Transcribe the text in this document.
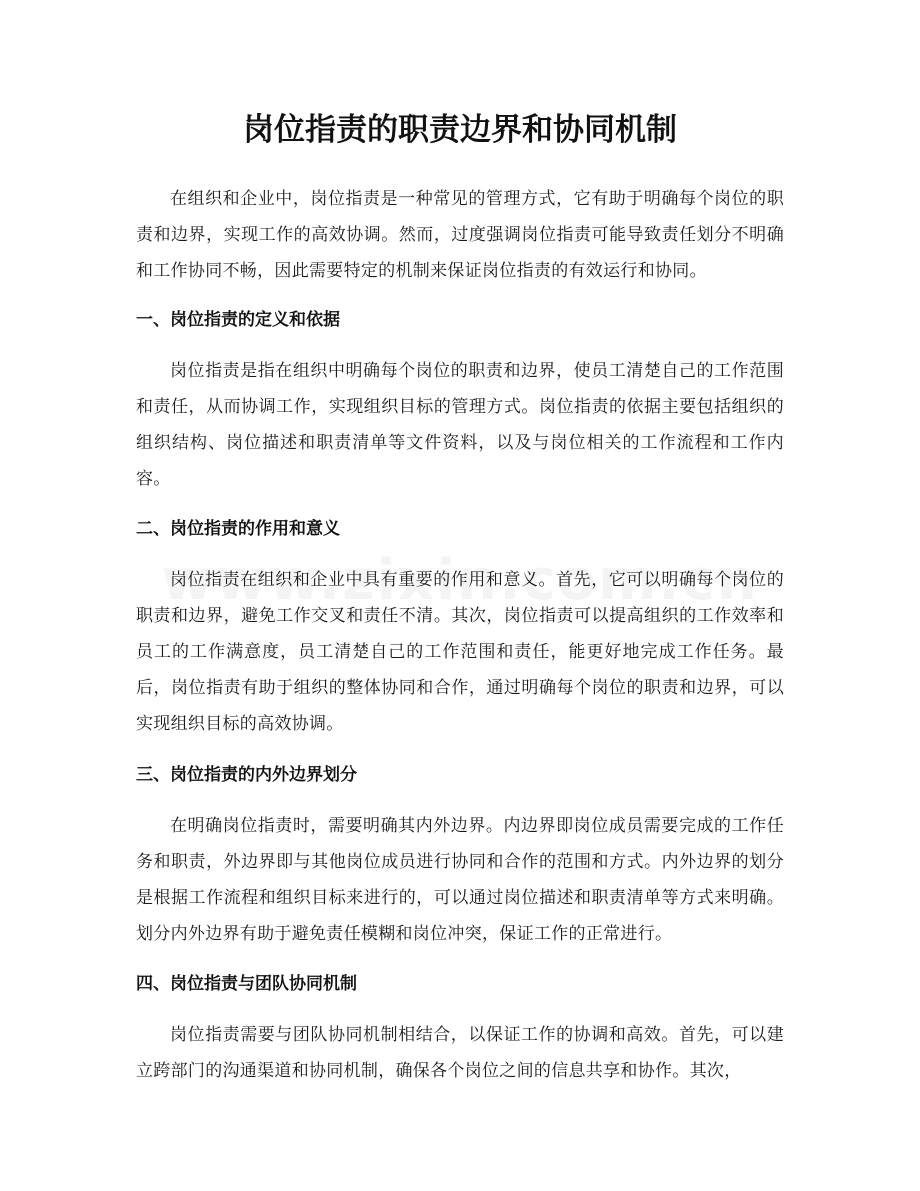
岗位指责的职责边界和协同机制

在组织和企业中，岗位指责是一种常见的管理方式，它有助于明确每个岗位的职责和边界，实现工作的高效协调。然而，过度强调岗位指责可能导致责任划分不明确和工作协同不畅，因此需要特定的机制来保证岗位指责的有效运行和协同。

一、岗位指责的定义和依据

岗位指责是指在组织中明确每个岗位的职责和边界，使员工清楚自己的工作范围和责任，从而协调工作，实现组织目标的管理方式。岗位指责的依据主要包括组织的组织结构、岗位描述和职责清单等文件资料，以及与岗位相关的工作流程和工作内容。

二、岗位指责的作用和意义

岗位指责在组织和企业中具有重要的作用和意义。首先，它可以明确每个岗位的职责和边界，避免工作交叉和责任不清。其次，岗位指责可以提高组织的工作效率和员工的工作满意度，员工清楚自己的工作范围和责任，能更好地完成工作任务。最后，岗位指责有助于组织的整体协同和合作，通过明确每个岗位的职责和边界，可以实现组织目标的高效协调。

三、岗位指责的内外边界划分

在明确岗位指责时，需要明确其内外边界。内边界即岗位成员需要完成的工作任务和职责，外边界即与其他岗位成员进行协同和合作的范围和方式。内外边界的划分是根据工作流程和组织目标来进行的，可以通过岗位描述和职责清单等方式来明确。划分内外边界有助于避免责任模糊和岗位冲突，保证工作的正常进行。

四、岗位指责与团队协同机制

岗位指责需要与团队协同机制相结合，以保证工作的协调和高效。首先，可以建立跨部门的沟通渠道和协同机制，确保各个岗位之间的信息共享和协作。其次，
